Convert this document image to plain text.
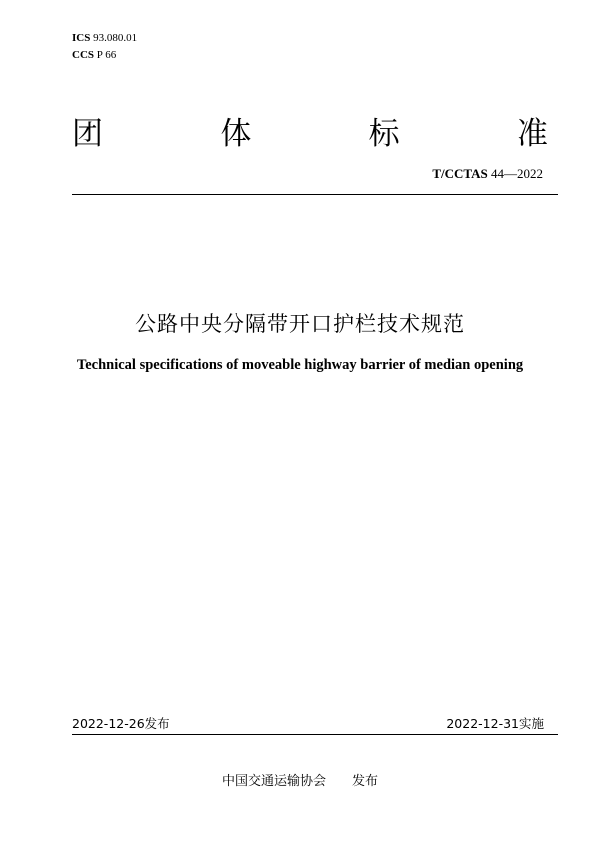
ICS 93.080.01
CCS P 66
团	体	标	准
T/CCTAS 44—2022
公路中央分隔带开口护栏技术规范
Technical specifications of moveable highway barrier of median opening
2022-12-26发布	2022-12-31实施
中国交通运输协会 发布
